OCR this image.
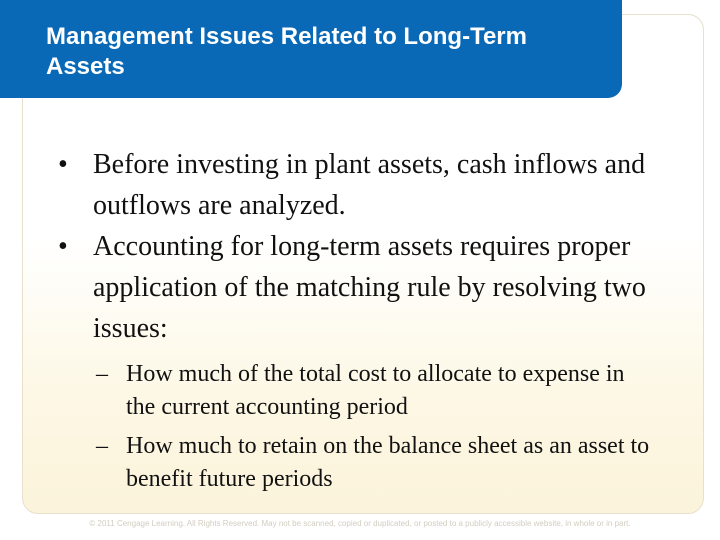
Management Issues Related to Long-Term Assets

• Before investing in plant assets, cash inflows and outflows are analyzed.

• Accounting for long-term assets requires proper application of the matching rule by resolving two issues:

– How much of the total cost to allocate to expense in the current accounting period

– How much to retain on the balance sheet as an asset to benefit future periods

© 2011 Cengage Learning. All Rights Reserved. May not be scanned, copied or duplicated, or posted to a publicly accessible website, in whole or in part.
